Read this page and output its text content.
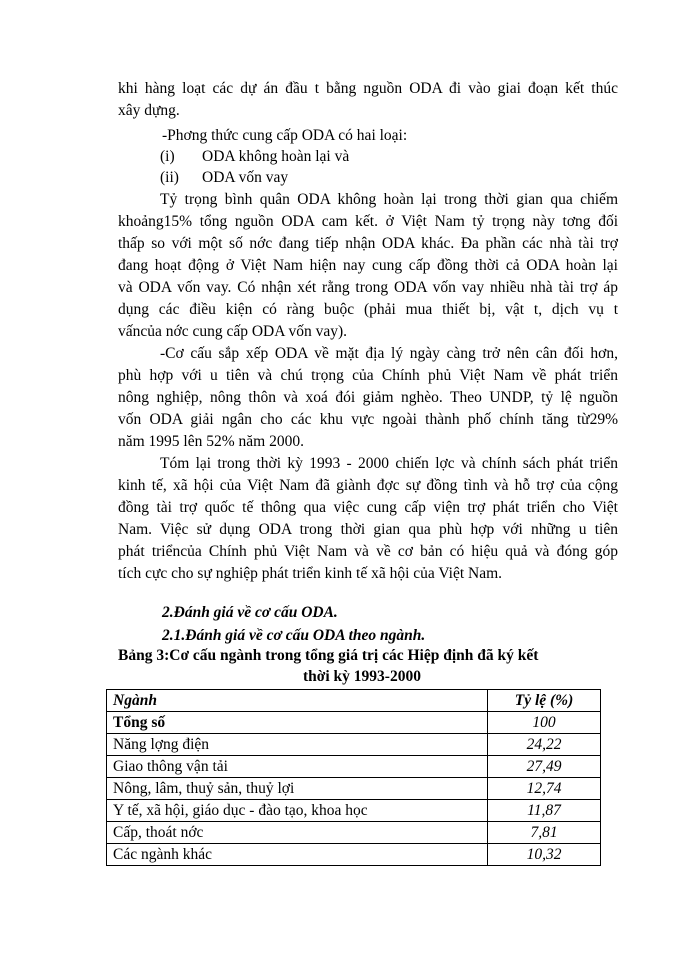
khi hàng loạt các dự án đầu t bằng nguồn ODA đi vào giai đoạn kết thúc
xây dựng.
-Phơng thức cung cấp ODA có hai loại:
(i) ODA không hoàn lại và
(ii) ODA vốn vay
Tỷ trọng bình quân ODA không hoàn lại trong thời gian qua chiếm
khoảng15% tổng nguồn ODA cam kết. ở Việt Nam tỷ trọng này tơng đối
thấp so với một số nớc đang tiếp nhận ODA khác. Đa phần các nhà tài trợ
đang hoạt động ở Việt Nam hiện nay cung cấp đồng thời cả ODA hoàn lại
và ODA vốn vay. Có nhận xét rằng trong ODA vốn vay nhiều nhà tài trợ áp
dụng các điều kiện có ràng buộc (phải mua thiết bị, vật t, dịch vụ t
vấncủa nớc cung cấp ODA vốn vay).
-Cơ cấu sắp xếp ODA về mặt địa lý ngày càng trở nên cân đối hơn,
phù hợp với u tiên và chú trọng của Chính phủ Việt Nam về phát triển
nông nghiệp, nông thôn và xoá đói giảm nghèo. Theo UNDP, tỷ lệ nguồn
vốn ODA giải ngân cho các khu vực ngoài thành phố chính tăng từ29%
năm 1995 lên 52% năm 2000.
Tóm lại trong thời kỳ 1993 - 2000 chiến lợc và chính sách phát triển
kinh tế, xã hội của Việt Nam đã giành đợc sự đồng tình và hỗ trợ của cộng
đồng tài trợ quốc tế thông qua việc cung cấp viện trợ phát triển cho Việt
Nam. Việc sử dụng ODA trong thời gian qua phù hợp với những u tiên
phát triểncủa Chính phủ Việt Nam và về cơ bản có hiệu quả và đóng góp
tích cực cho sự nghiệp phát triển kinh tế xã hội của Việt Nam.
2.Đánh giá về cơ cấu ODA.
2.1.Đánh giá về cơ cấu ODA theo ngành.
Bảng 3:Cơ cấu ngành trong tổng giá trị các Hiệp định đã ký kết
thời kỳ 1993-2000
Ngành	Tỷ lệ (%)
Tổng số	100
Năng lợng điện	24,22
Giao thông vận tải	27,49
Nông, lâm, thuỷ sản, thuỷ lợi	12,74
Y tế, xã hội, giáo dục - đào tạo, khoa học	11,87
Cấp, thoát nớc	7,81
Các ngành khác	10,32
